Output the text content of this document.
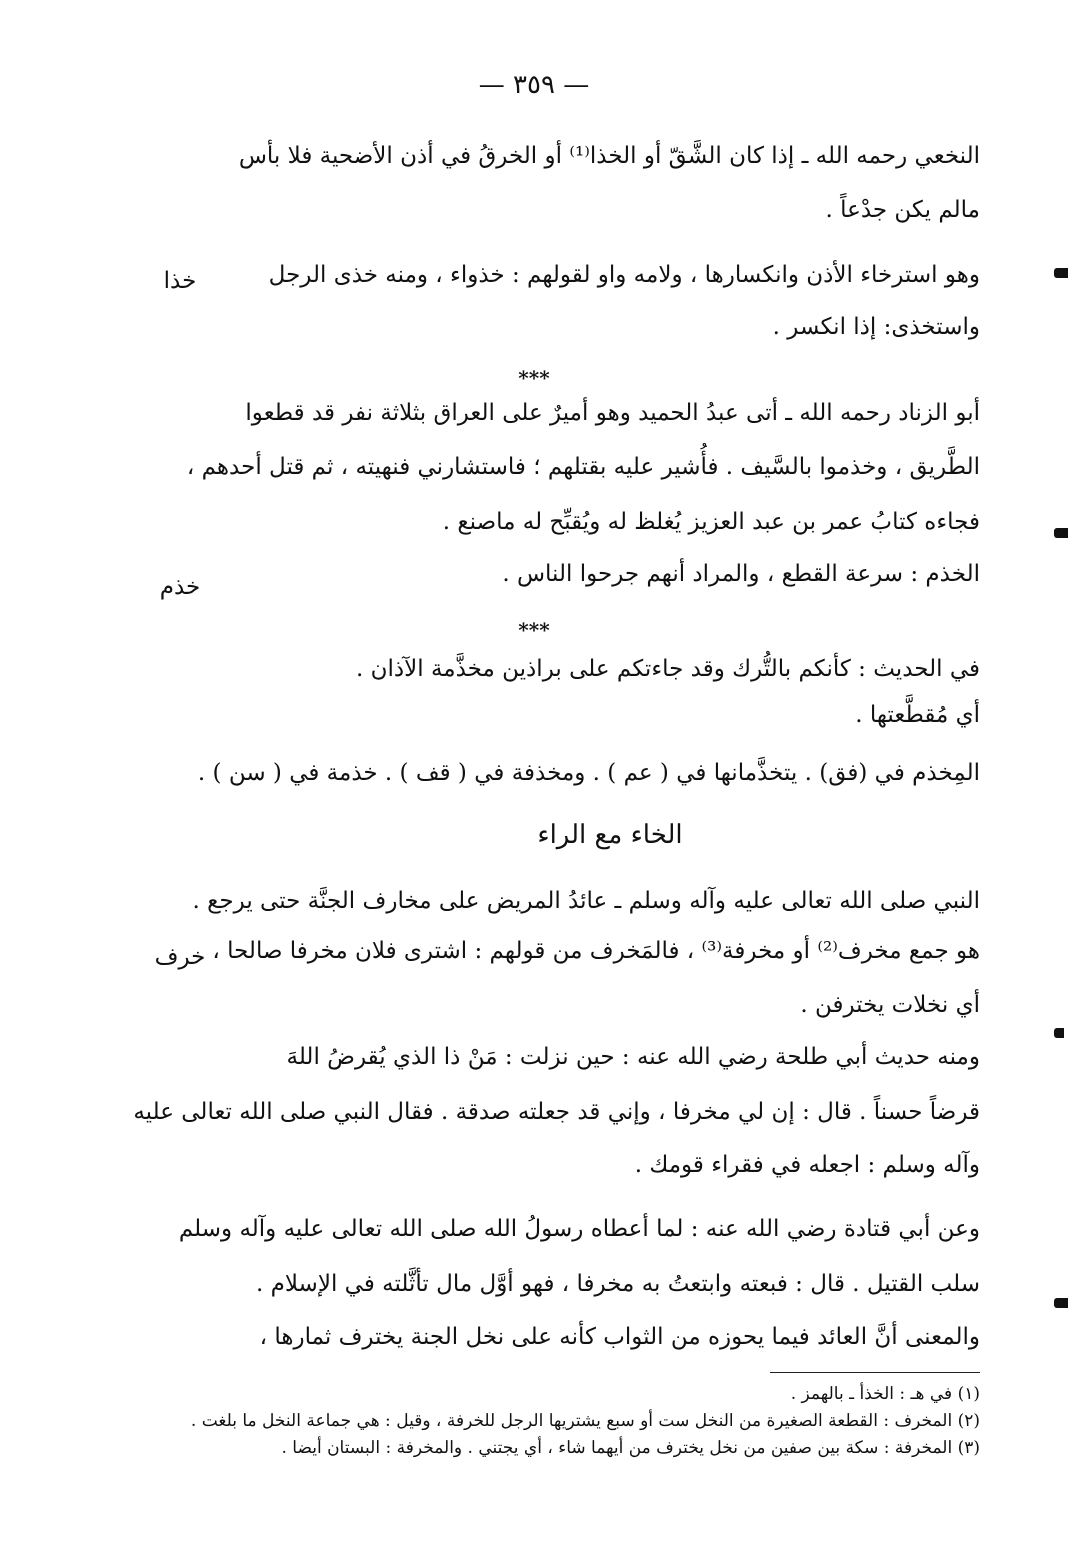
— ٣٥٩ —
النخعي رحمه الله ـ إذا كان الشَّقّ أو الخذا⁽¹⁾ أو الخرقُ في أذن الأضحية فلا بأس
مالم يكن جدْعاً .
وهو استرخاء الأذن وانكسارها ، ولامه واو لقولهم : خذواء ، ومنه خذى الرجل
واستخذى: إذا انكسر .
أبو الزناد رحمه الله ـ أتى عبدُ الحميد وهو أميرٌ على العراق بثلاثة نفر قد قطعوا
الطَّريق ، وخذموا بالسَّيف . فأُشير عليه بقتلهم ؛ فاستشارني فنهيته ، ثم قتل أحدهم ،
فجاءه كتابُ عمر بن عبد العزيز يُغلظ له ويُقبِّح له ماصنع .
الخذم : سرعة القطع ، والمراد أنهم جرحوا الناس .
في الحديث : كأنكم بالتُّرك وقد جاءتكم على براذين مخذَّمة الآذان .
أي مُقطَّعتها .
المِخذم في (فق) . يتخذَّمانها في ( عم ) . ومخذفة في ( قف ) . خذمة في ( سن ) .
النبي صلى الله تعالى عليه وآله وسلم ـ عائدُ المريض على مخارف الجنَّة حتى يرجع .
هو جمع مخرف⁽²⁾ أو مخرفة⁽³⁾ ، فالمَخرف من قولهم : اشترى فلان مخرفا صالحا ،
أي نخلات يخترفن .
ومنه حديث أبي طلحة رضي الله عنه : حين نزلت : مَنْ ذا الذي يُقرضُ اللهَ
قرضاً حسناً . قال : إن لي مخرفا ، وإني قد جعلته صدقة . فقال النبي صلى الله تعالى عليه
وآله وسلم : اجعله في فقراء قومك .
وعن أبي قتادة رضي الله عنه : لما أعطاه رسولُ الله صلى الله تعالى عليه وآله وسلم
سلب القتيل . قال : فبعته وابتعتُ به مخرفا ، فهو أوَّل مال تأثَّلته في الإسلام .
والمعنى أنَّ العائد فيما يحوزه من الثواب كأنه على نخل الجنة يخترف ثمارها ،
خذا
خذم
خرف
***
***
الخاء مع الراء
(١) في هـ : الخذأ ـ بالهمز .
(٢) المخرف : القطعة الصغيرة من النخل ست أو سبع يشتريها الرجل للخرفة ، وقيل : هي جماعة النخل ما بلغت .
(٣) المخرفة : سكة بين صفين من نخل يخترف من أيهما شاء ، أي يجتني . والمخرفة : البستان أيضا .
